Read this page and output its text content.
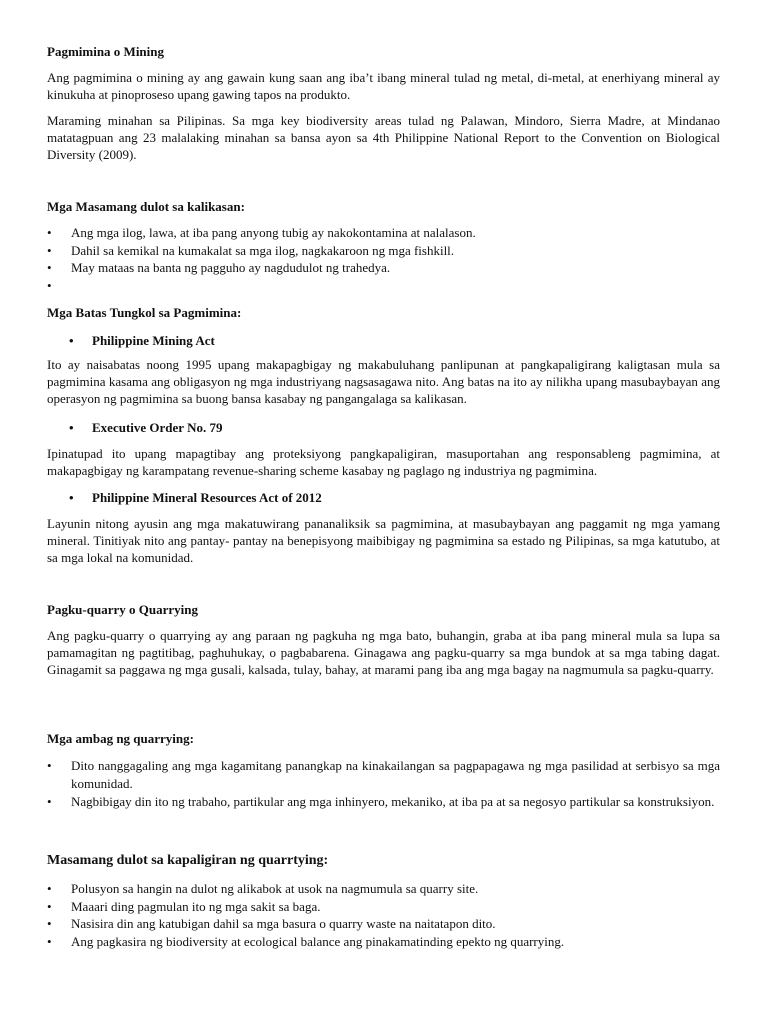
Pagmimina o Mining

Ang pagmimina o mining ay ang gawain kung saan ang iba’t ibang mineral tulad ng metal, di-metal, at enerhiyang mineral ay kinukuha at pinoproseso upang gawing tapos na produkto.

Maraming minahan sa Pilipinas. Sa mga key biodiversity areas tulad ng Palawan, Mindoro, Sierra Madre, at Mindanao matatagpuan ang 23 malalaking minahan sa bansa ayon sa 4th Philippine National Report to the Convention on Biological Diversity (2009).

Mga Masamang dulot sa kalikasan:
• Ang mga ilog, lawa, at iba pang anyong tubig ay nakokontamina at nalalason.
• Dahil sa kemikal na kumakalat sa mga ilog, nagkakaroon ng mga fishkill.
• May mataas na banta ng pagguho ay nagdudulot ng trahedya.
•
Mga Batas Tungkol sa Pagmimina:
• Philippine Mining Act

Ito ay naisabatas noong 1995 upang makapagbigay ng makabuluhang panlipunan at pangkapaligirang kaligtasan mula sa pagmimina kasama ang obligasyon ng mga industriyang nagsasagawa nito. Ang batas na ito ay nilikha upang masubaybayan ang operasyon ng pagmimina sa buong bansa kasabay ng pangangalaga sa kalikasan.

• Executive Order No. 79

Ipinatupad ito upang mapagtibay ang proteksiyong pangkapaligiran, masuportahan ang responsableng pagmimina, at makapagbigay ng karampatang revenue-sharing scheme kasabay ng paglago ng industriya ng pagmimina.

• Philippine Mineral Resources Act of 2012

Layunin nitong ayusin ang mga makatuwirang pananaliksik sa pagmimina, at masubaybayan ang paggamit ng mga yamang mineral. Tinitiyak nito ang pantay- pantay na benepisyong maibibigay ng pagmimina sa estado ng Pilipinas, sa mga katutubo, at sa mga lokal na komunidad.

Pagku-quarry o Quarrying

Ang pagku-quarry o quarrying ay ang paraan ng pagkuha ng mga bato, buhangin, graba at iba pang mineral mula sa lupa sa pamamagitan ng pagtitibag, paghuhukay, o pagbabarena. Ginagawa ang pagku-quarry sa mga bundok at sa mga tabing dagat. Ginagamit sa paggawa ng mga gusali, kalsada, tulay, bahay, at marami pang iba ang mga bagay na nagmumula sa pagku-quarry.

Mga ambag ng quarrying:
• Dito nanggagaling ang mga kagamitang panangkap na kinakailangan sa pagpapagawa ng mga pasilidad at serbisyo sa mga komunidad.
• Nagbibigay din ito ng trabaho, partikular ang mga inhinyero, mekaniko, at iba pa at sa negosyo partikular sa konstruksiyon.
Masamang dulot sa kapaligiran ng quarrtying:
• Polusyon sa hangin na dulot ng alikabok at usok na nagmumula sa quarry site.
• Maaari ding pagmulan ito ng mga sakit sa baga.
• Nasisira din ang katubigan dahil sa mga basura o quarry waste na naitatapon dito.
• Ang pagkasira ng biodiversity at ecological balance ang pinakamatinding epekto ng quarrying.
